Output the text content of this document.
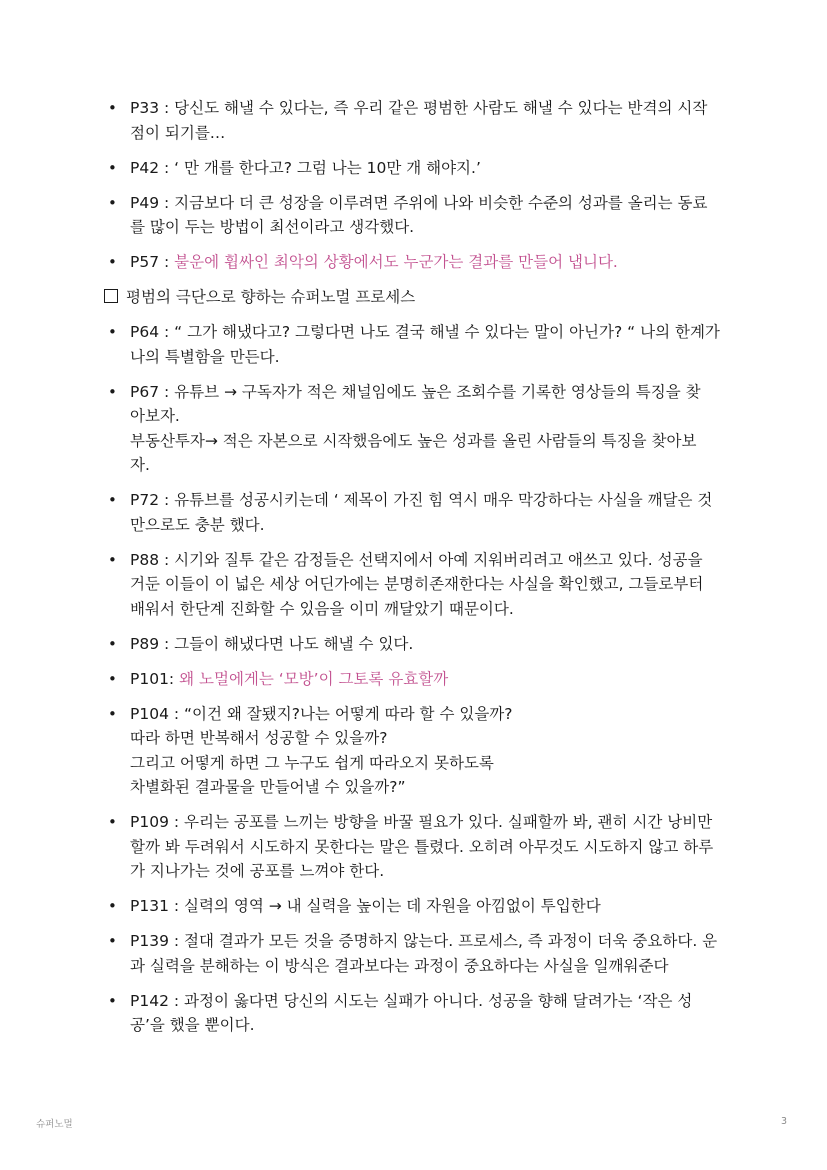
• P33 : 당신도 해낼 수 있다는, 즉 우리 같은 평범한 사람도 해낼 수 있다는 반격의 시작
점이 되기를…
• P42 : ‘ 만 개를 한다고? 그럼 나는 10만 개 해야지.’
• P49 : 지금보다 더 큰 성장을 이루려면 주위에 나와 비슷한 수준의 성과를 올리는 동료
를 많이 두는 방법이 최선이라고 생각했다.
• P57 : 불운에 휩싸인 최악의 상황에서도 누군가는 결과를 만들어 냅니다.
평범의 극단으로 향하는 슈퍼노멀 프로세스
• P64 : “ 그가 해냈다고? 그렇다면 나도 결국 해낼 수 있다는 말이 아닌가? “ 나의 한계가
나의 특별함을 만든다.
• P67 : 유튜브 → 구독자가 적은 채널임에도 높은 조회수를 기록한 영상들의 특징을 찾
아보자.
부동산투자→ 적은 자본으로 시작했음에도 높은 성과를 올린 사람들의 특징을 찾아보
자.
• P72 : 유튜브를 성공시키는데 ‘ 제목이 가진 힘 역시 매우 막강하다는 사실을 깨달은 것
만으로도 충분 했다.
• P88 : 시기와 질투 같은 감정들은 선택지에서 아예 지워버리려고 애쓰고 있다. 성공을
거둔 이들이 이 넓은 세상 어딘가에는 분명히존재한다는 사실을 확인했고, 그들로부터
배워서 한단계 진화할 수 있음을 이미 깨달았기 때문이다.
• P89 : 그들이 해냈다면 나도 해낼 수 있다.
• P101: 왜 노멀에게는 ‘모방’이 그토록 유효할까
• P104 : “이건 왜 잘됐지?나는 어떻게 따라 할 수 있을까?
따라 하면 반복해서 성공할 수 있을까?
그리고 어떻게 하면 그 누구도 쉽게 따라오지 못하도록
차별화된 결과물을 만들어낼 수 있을까?”
• P109 : 우리는 공포를 느끼는 방향을 바꿀 필요가 있다. 실패할까 봐, 괜히 시간 낭비만
할까 봐 두려워서 시도하지 못한다는 말은 틀렸다. 오히려 아무것도 시도하지 않고 하루
가 지나가는 것에 공포를 느껴야 한다.
• P131 : 실력의 영역 → 내 실력을 높이는 데 자원을 아낌없이 투입한다
• P139 : 절대 결과가 모든 것을 증명하지 않는다. 프로세스, 즉 과정이 더욱 중요하다. 운
과 실력을 분해하는 이 방식은 결과보다는 과정이 중요하다는 사실을 일깨워준다
• P142 : 과정이 옳다면 당신의 시도는 실패가 아니다. 성공을 향해 달려가는 ‘작은 성
공’을 했을 뿐이다.
슈퍼노멀	3
